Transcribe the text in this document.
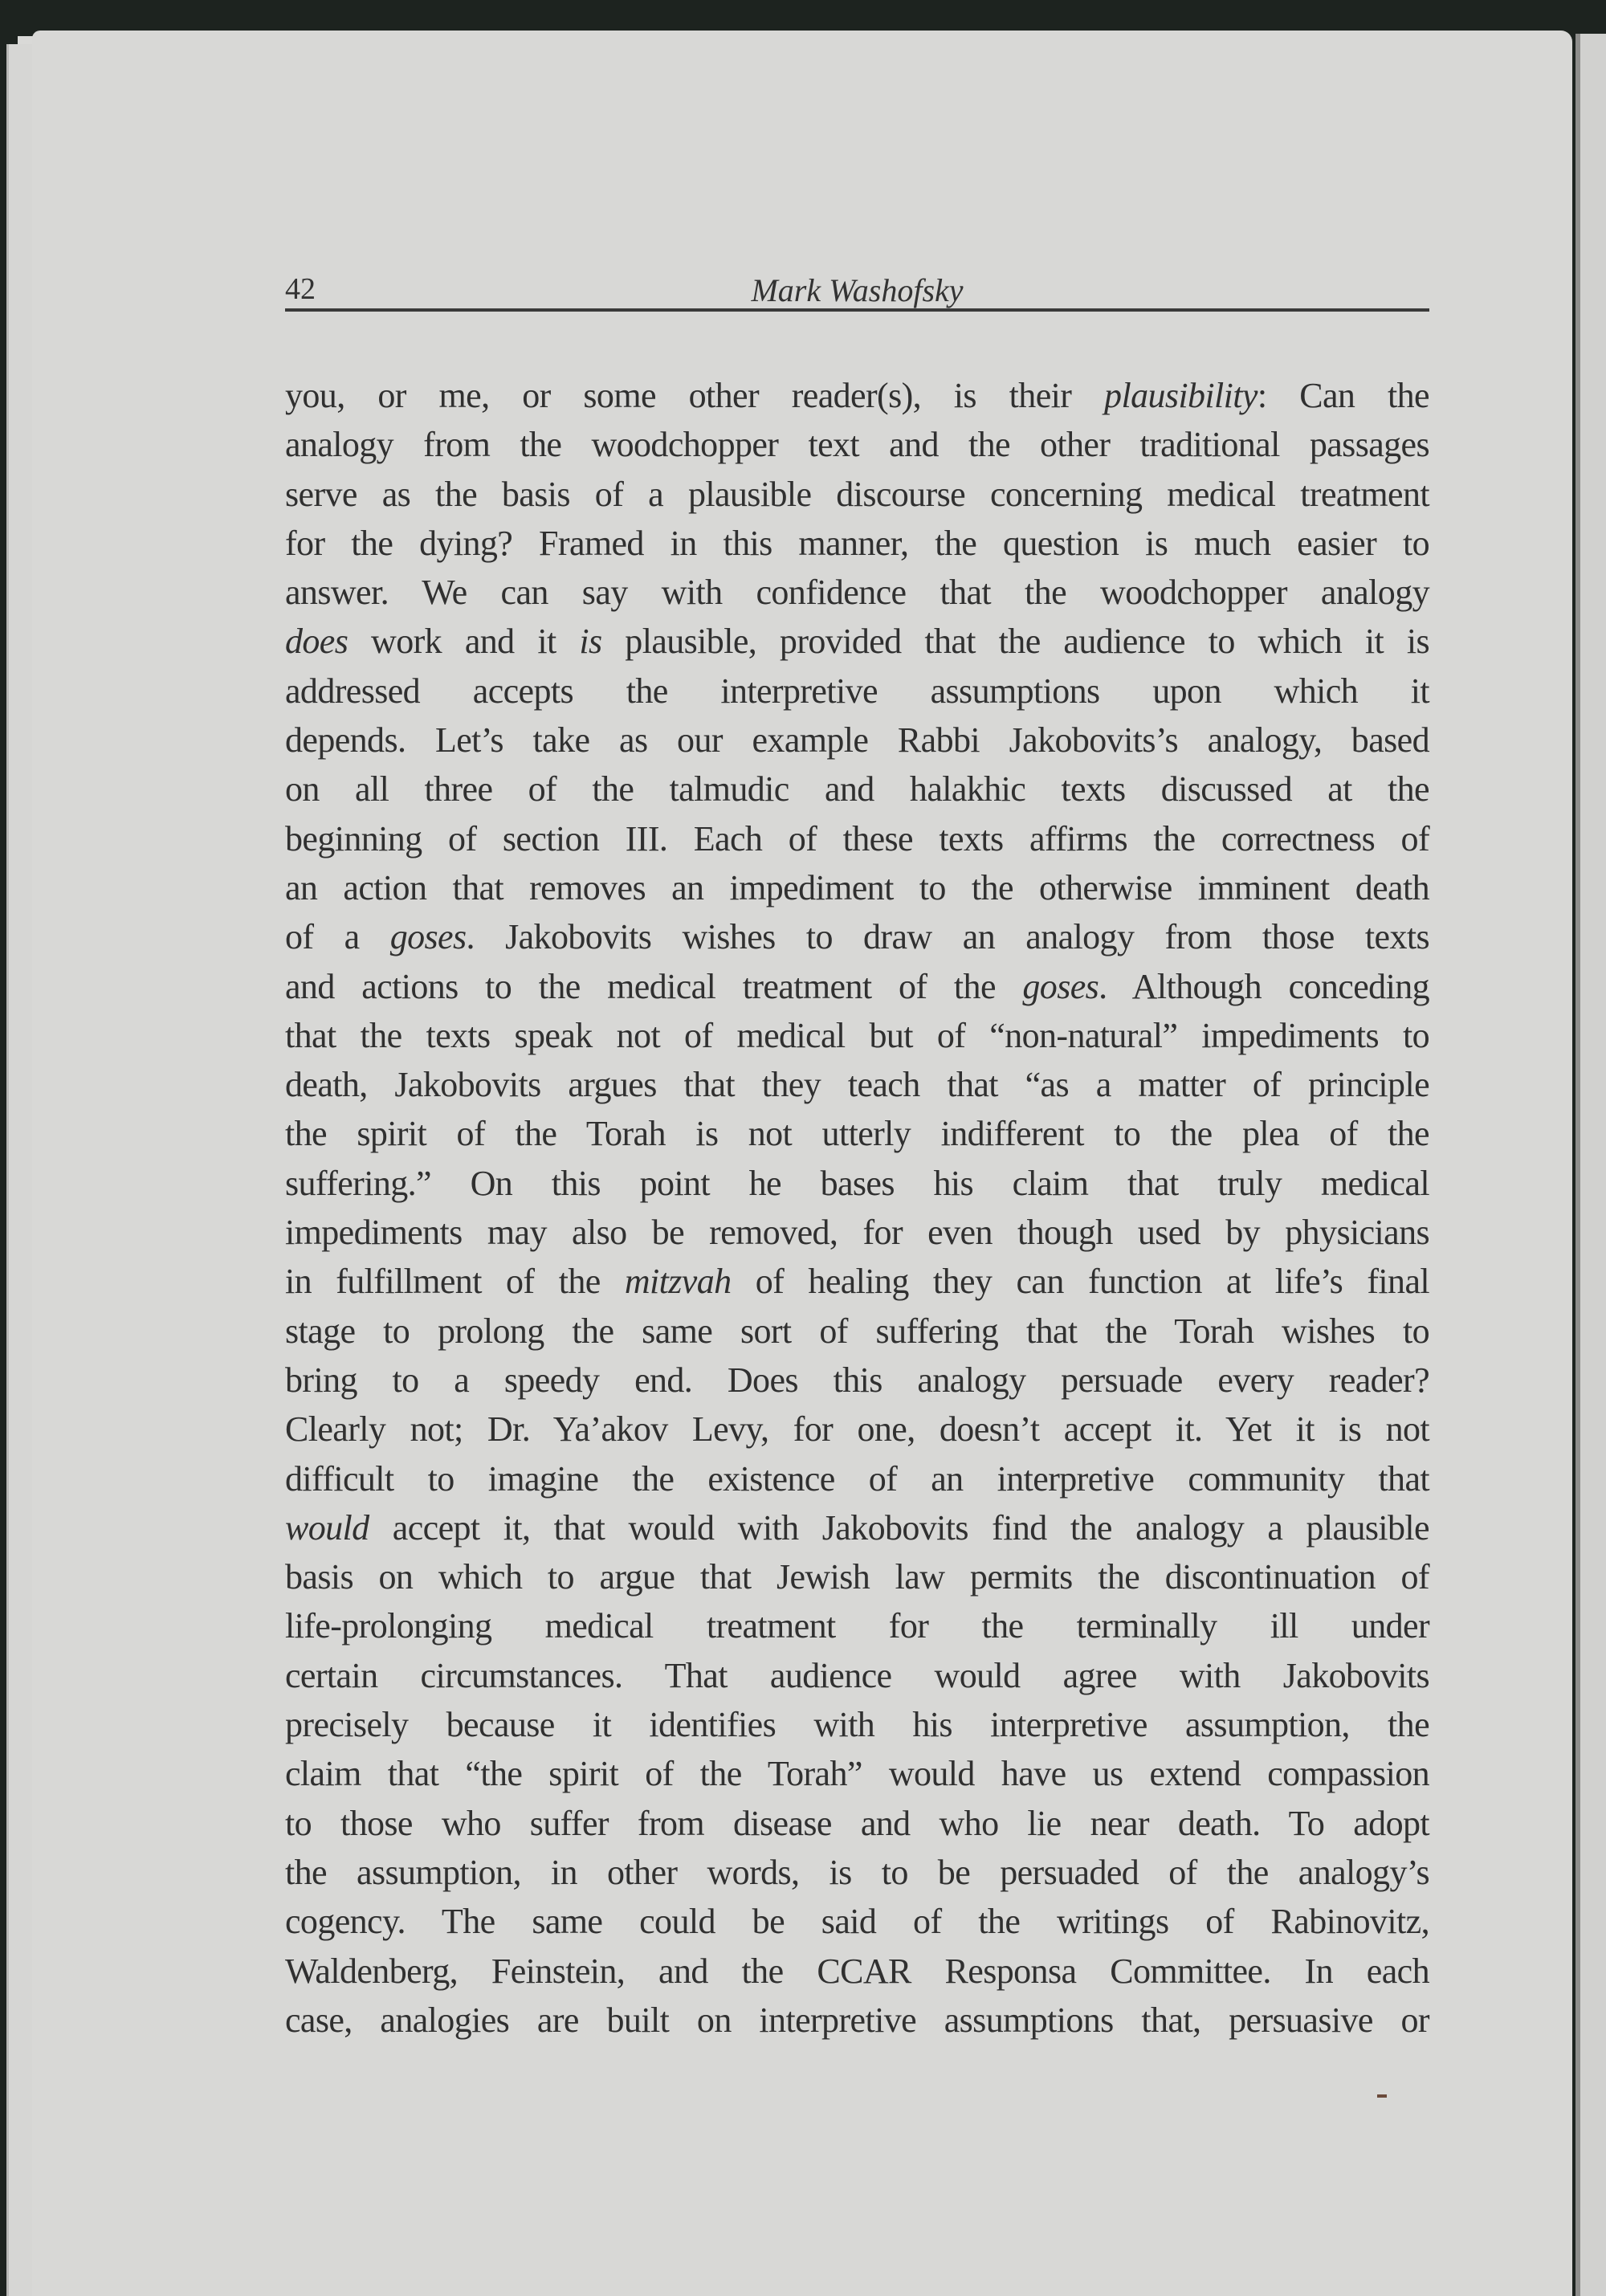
42	Mark Washofsky
you, or me, or some other reader(s), is their plausibility: Can the
analogy from the woodchopper text and the other traditional passages
serve as the basis of a plausible discourse concerning medical treatment
for the dying? Framed in this manner, the question is much easier to
answer. We can say with confidence that the woodchopper analogy
does work and it is plausible, provided that the audience to which it is
addressed accepts the interpretive assumptions upon which it
depends. Let’s take as our example Rabbi Jakobovits’s analogy, based
on all three of the talmudic and halakhic texts discussed at the
beginning of section III. Each of these texts affirms the correctness of
an action that removes an impediment to the otherwise imminent death
of a goses. Jakobovits wishes to draw an analogy from those texts
and actions to the medical treatment of the goses. Although conceding
that the texts speak not of medical but of “non-natural” impediments to
death, Jakobovits argues that they teach that “as a matter of principle
the spirit of the Torah is not utterly indifferent to the plea of the
suffering.” On this point he bases his claim that truly medical
impediments may also be removed, for even though used by physicians
in fulfillment of the mitzvah of healing they can function at life’s final
stage to prolong the same sort of suffering that the Torah wishes to
bring to a speedy end. Does this analogy persuade every reader?
Clearly not; Dr. Ya’akov Levy, for one, doesn’t accept it. Yet it is not
difficult to imagine the existence of an interpretive community that
would accept it, that would with Jakobovits find the analogy a plausible
basis on which to argue that Jewish law permits the discontinuation of
life-prolonging medical treatment for the terminally ill under
certain circumstances. That audience would agree with Jakobovits
precisely because it identifies with his interpretive assumption, the
claim that “the spirit of the Torah” would have us extend compassion
to those who suffer from disease and who lie near death. To adopt
the assumption, in other words, is to be persuaded of the analogy’s
cogency. The same could be said of the writings of Rabinovitz,
Waldenberg, Feinstein, and the CCAR Responsa Committee. In each
case, analogies are built on interpretive assumptions that, persuasive or
